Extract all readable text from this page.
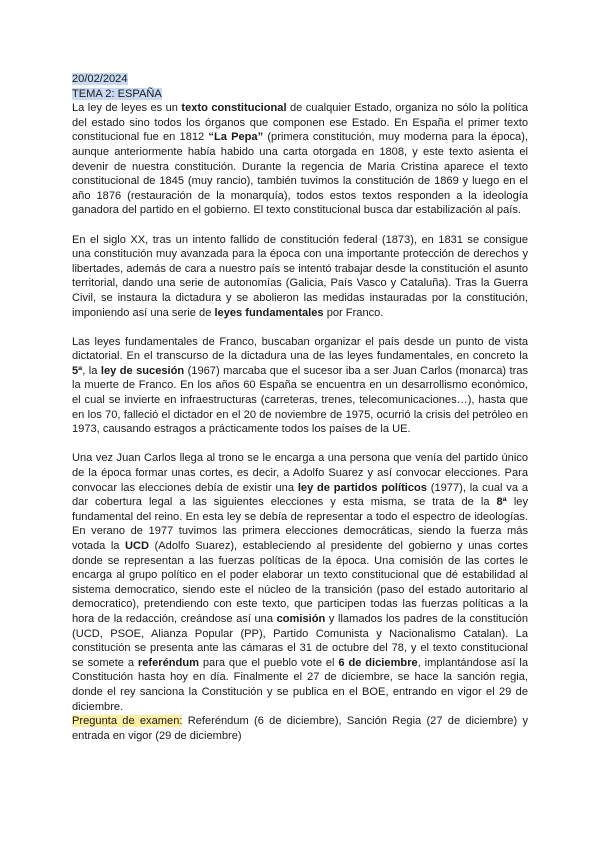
20/02/2024
TEMA 2: ESPAÑA

La ley de leyes es un texto constitucional de cualquier Estado, organiza no sólo la política del estado sino todos los órganos que componen ese Estado. En España el primer texto constitucional fue en 1812 “La Pepa” (primera constitución, muy moderna para la época), aunque anteriormente había habido una carta otorgada en 1808, y este texto asienta el devenir de nuestra constitución. Durante la regencia de Maria Cristina aparece el texto constitucional de 1845 (muy rancio), también tuvimos la constitución de 1869 y luego en el año 1876 (restauración de la monarquía), todos estos textos responden a la ideología ganadora del partido en el gobierno. El texto constitucional busca dar estabilización al país.

En el siglo XX, tras un intento fallido de constitución federal (1873), en 1831 se consigue una constitución muy avanzada para la época con una importante protección de derechos y libertades, además de cara a nuestro país se intentó trabajar desde la constitución el asunto territorial, dando una serie de autonomías (Galicia, País Vasco y Cataluña). Tras la Guerra Civil, se instaura la dictadura y se abolieron las medidas instauradas por la constitución, imponiendo así una serie de leyes fundamentales por Franco.

Las leyes fundamentales de Franco, buscaban organizar el país desde un punto de vista dictatorial. En el transcurso de la dictadura una de las leyes fundamentales, en concreto la 5ª, la ley de sucesión (1967) marcaba que el sucesor iba a ser Juan Carlos (monarca) tras la muerte de Franco. En los años 60 España se encuentra en un desarrollismo económico, el cual se invierte en infraestructuras (carreteras, trenes, telecomunicaciones…), hasta que en los 70, falleció el dictador en el 20 de noviembre de 1975, ocurrió la crisis del petróleo en 1973, causando estragos a prácticamente todos los países de la UE.

Una vez Juan Carlos llega al trono se le encarga a una persona que venía del partido único de la época formar unas cortes, es decir, a Adolfo Suarez y así convocar elecciones. Para convocar las elecciones debía de existir una ley de partidos políticos (1977), la cual va a dar cobertura legal a las siguientes elecciones y esta misma, se trata de la 8ª ley fundamental del reino. En esta ley se debía de representar a todo el espectro de ideologías. En verano de 1977 tuvimos las primera elecciones democráticas, siendo la fuerza más votada la UCD (Adolfo Suarez), estableciendo al presidente del gobierno y unas cortes donde se representan a las fuerzas políticas de la época. Una comisión de las cortes le encarga al grupo político en el poder elaborar un texto constitucional que dé estabilidad al sistema democratico, siendo este el núcleo de la transición (paso del estado autoritario al democratico), pretendiendo con este texto, que participen todas las fuerzas políticas a la hora de la redacción, creándose así una comisión y llamados los padres de la constitución (UCD, PSOE, Alianza Popular (PP), Partido Comunista y Nacionalismo Catalan). La constitución se presenta ante las cámaras el 31 de octubre del 78, y el texto constitucional se somete a referéndum para que el pueblo vote el 6 de diciembre, implantándose así la Constitución hasta hoy en día. Finalmente el 27 de diciembre, se hace la sanción regia, donde el rey sanciona la Constitución y se publica en el BOE, entrando en vigor el 29 de diciembre.

Pregunta de examen: Referéndum (6 de diciembre), Sanción Regia (27 de diciembre) y entrada en vigor (29 de diciembre)
